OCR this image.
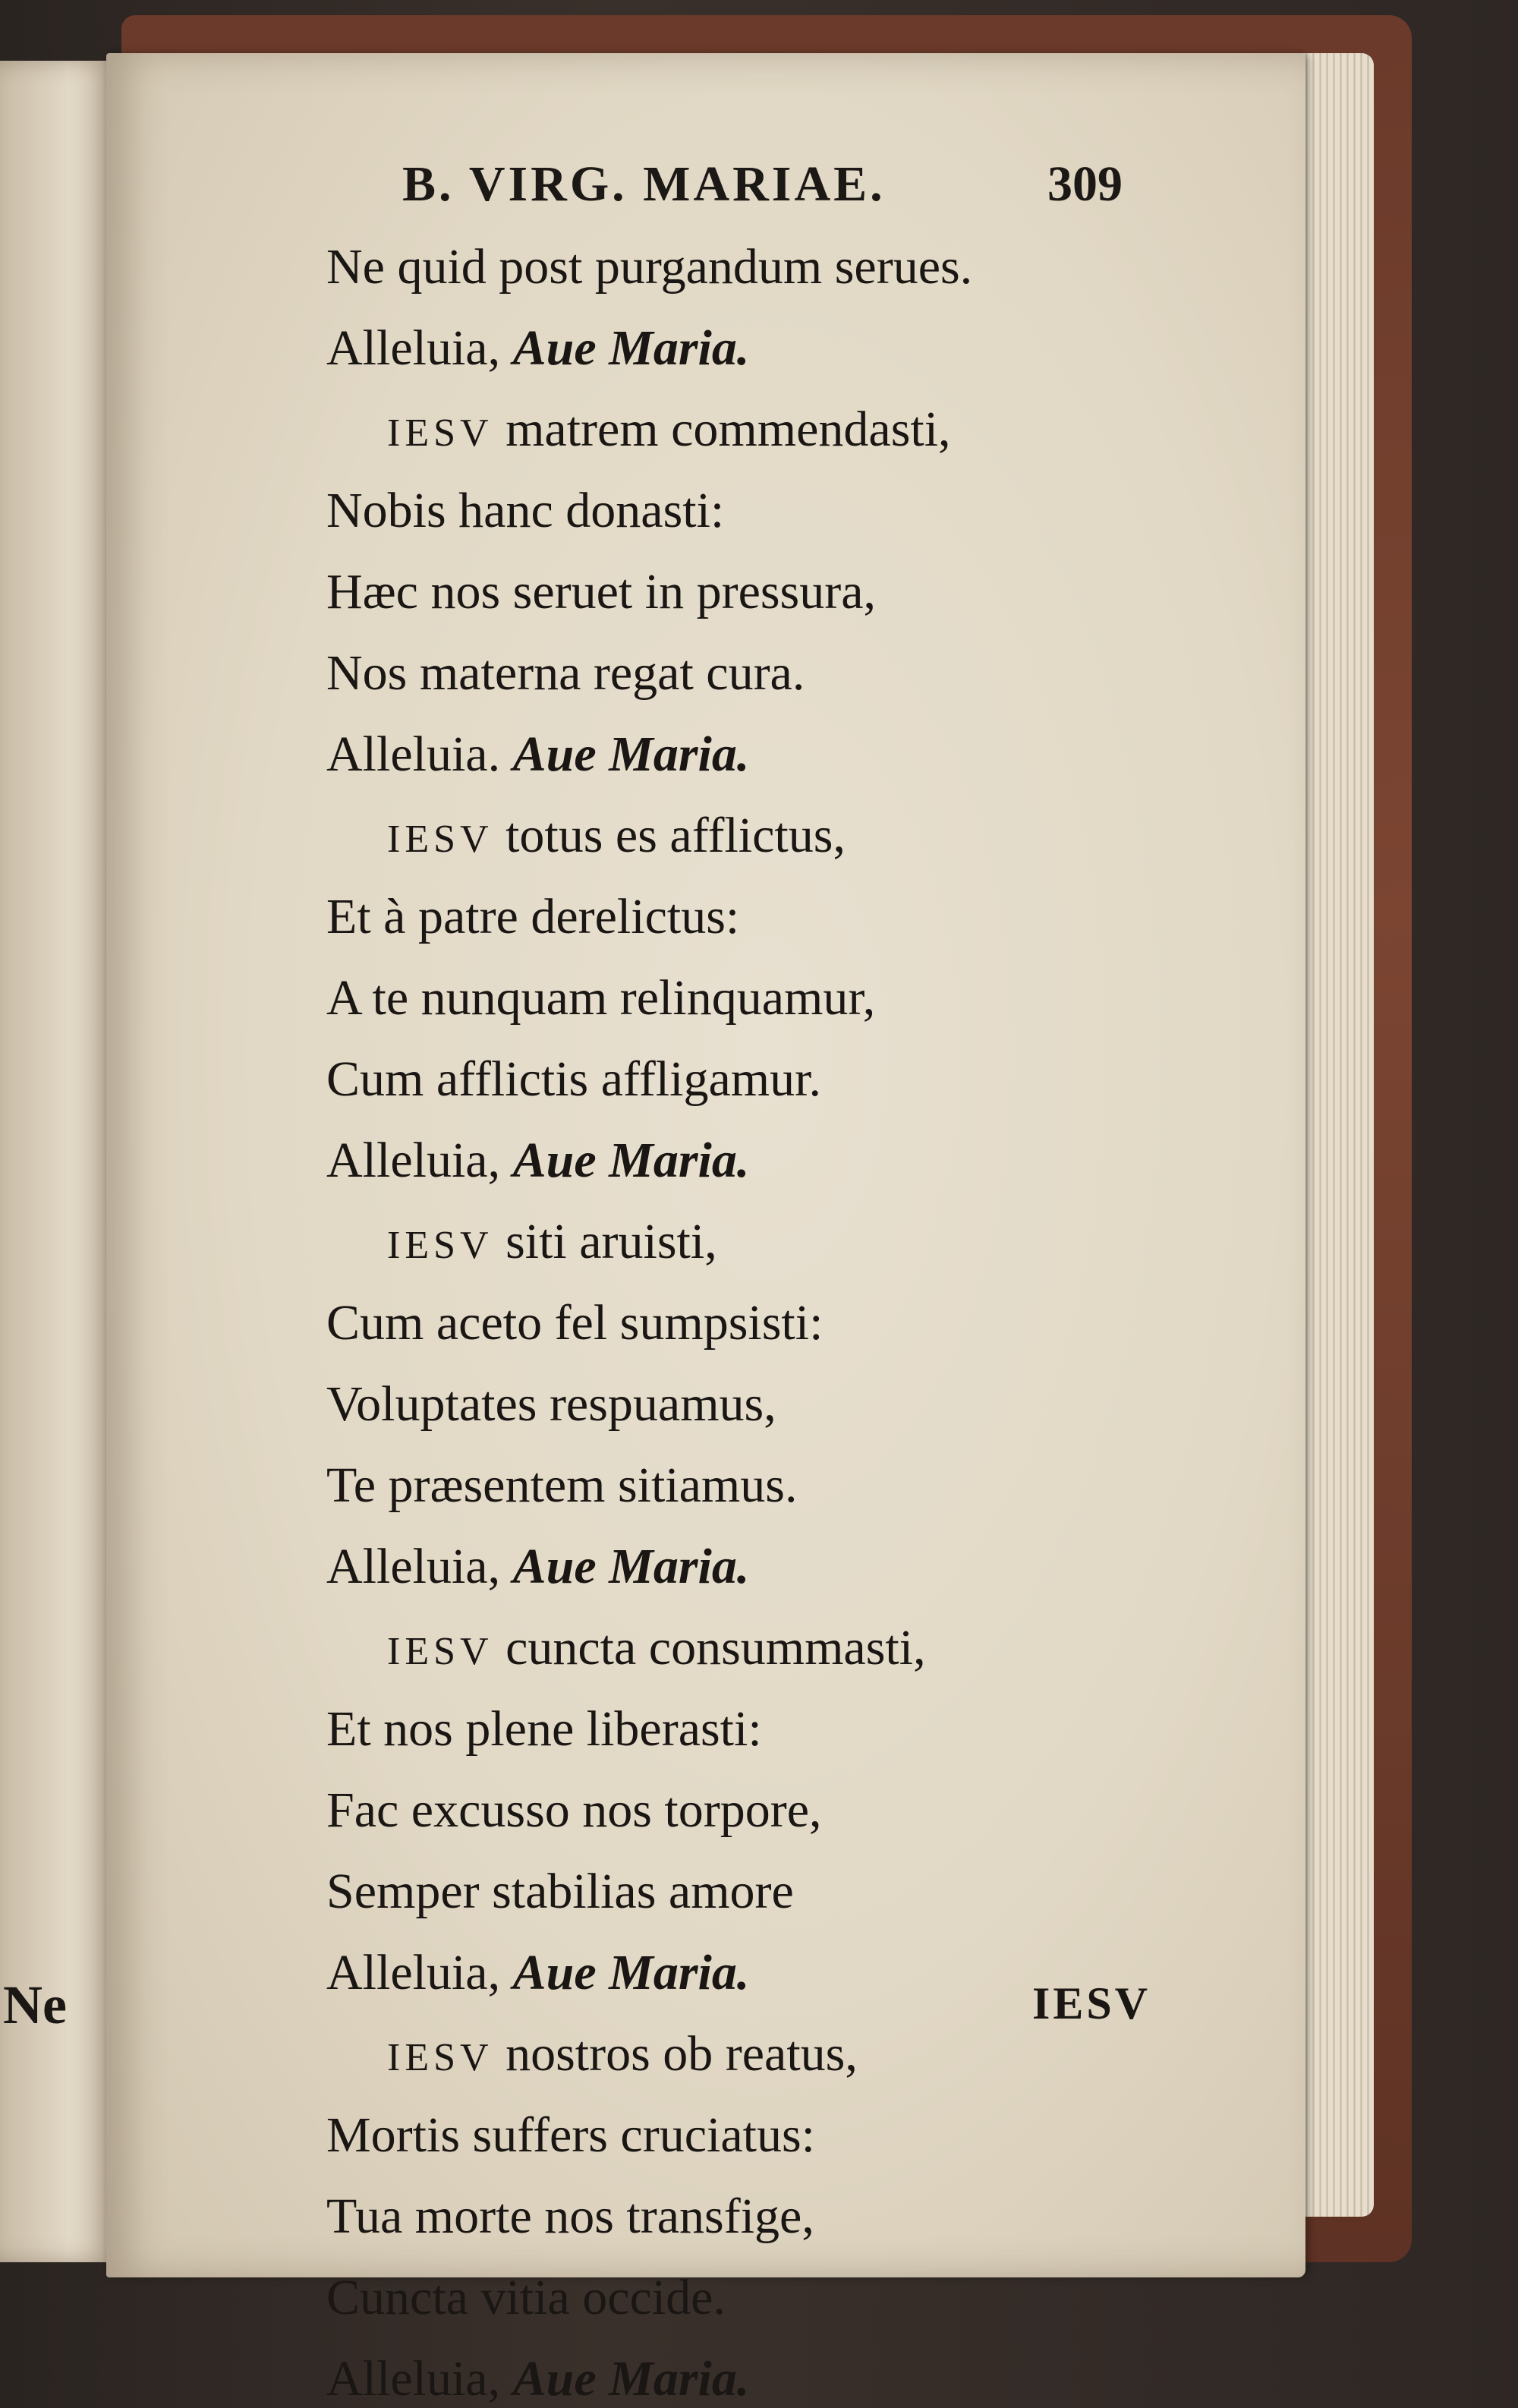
Ne
B. VIRG. MARIAE.	309
Ne quid post purgandum serues.
Alleluia, Aue Maria.
IESV matrem commendasti,
Nobis hanc donasti:
Hæc nos seruet in pressura,
Nos materna regat cura.
Alleluia. Aue Maria.
IESV totus es afflictus,
Et à patre derelictus:
A te nunquam relinquamur,
Cum afflictis affligamur.
Alleluia, Aue Maria.
IESV siti aruisti,
Cum aceto fel sumpsisti:
Voluptates respuamus,
Te præsentem sitiamus.
Alleluia, Aue Maria.
IESV cuncta consummasti,
Et nos plene liberasti:
Fac excusso nos torpore,
Semper stabilias amore
Alleluia, Aue Maria.
IESV nostros ob reatus,
Mortis suffers cruciatus:
Tua morte nos transfige,
Cuncta vitia occide.
Alleluia, Aue Maria.
IESV
